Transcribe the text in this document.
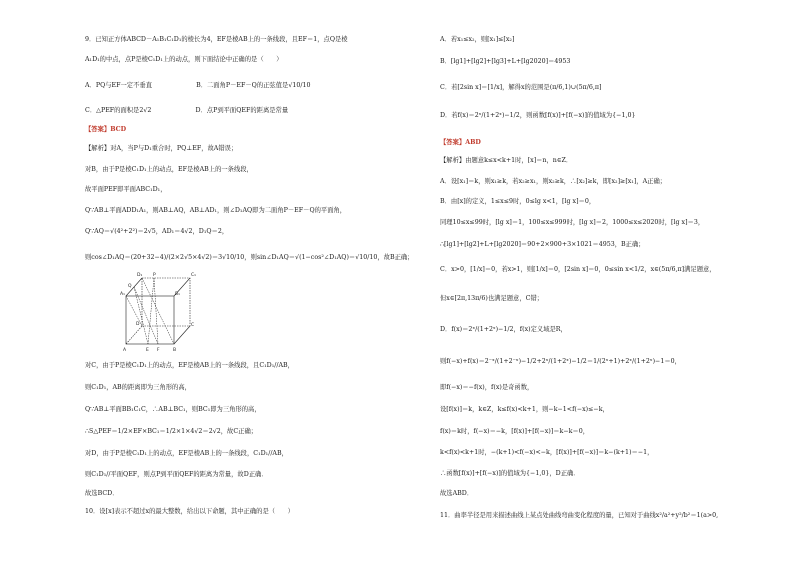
9．已知正方体ABCD－A₁B₁C₁D₁的棱长为4，EF是棱AB上的一条线段，且EF＝1，点Q是棱
A₁D₁的中点，点P是棱C₁D₁上的动点，则下面结论中正确的是（　　）
A．PQ与EF一定不垂直　　　　　　　B．二面角P－EF－Q的正弦值是√10/10
C．△PEF的面积是2√2　　　　　　　D．点P到平面QEF的距离是常量
【答案】BCD
【解析】对A，当P与D₁重合时，PQ⊥EF，故A错误；
对B，由于P是棱C₁D₁上的动点，EF是棱AB上的一条线段，
故平面PEF即平面ABC₁D₁，
Q∵AB⊥平面ADD₁A₁，则AB⊥AQ，AB⊥AD₁，则∠D₁AQ即为二面角P－EF－Q的平面角，
Q∵AQ＝√(4²+2²)＝2√5，AD₁＝4√2，D₁Q＝2，
则cos∠D₁AQ＝(20+32−4)/(2×2√5×4√2)＝3√10/10，则sin∠D₁AQ＝√(1−cos²∠D₁AQ)＝√10/10，故B正确；
对C，由于P是棱C₁D₁上的动点，EF是棱AB上的一条线段，且C₁D₁//AB，
则C₁D₁，AB的距离即为三角形的高，
Q∵AB⊥平面BB₁C₁C，∴AB⊥BC₁，则BC₁即为三角形的高，
∴S△PEF＝1/2×EF×BC₁＝1/2×1×4√2＝2√2，故C正确；
对D，由于P是棱C₁D₁上的动点，EF是棱AB上的一条线段，C₁D₁//AB，
则C₁D₁//平面QEF，则点P到平面QEF的距离为常量，故D正确．
故选BCD．
10．设[x]表示不超过x的最大整数，给出以下命题，其中正确的是（　　）
D₁	C₁
A₁	B₁
Q
P
D	C
A	E F	B
A．若x₁≤x₂，则[x₁]≤[x₂]
B．[lg1]+[lg2]+[lg3]+L+[lg2020]＝4953
C．若[2sin x]＝[1/x]，解得x的范围是(π/6,1)∪(5π/6,π]
D．若f(x)＝2ˣ/(1+2ˣ)−1/2，则函数[f(x)]+[f(−x)]的值域为{−1,0}
【答案】ABD
【解析】由题意k≤x<k+1时，[x]＝n，n∈Z．
A．设[x₁]＝k，则x₁≥k，若x₂≥x₁，则x₂≥k，∴[x₂]≥k，即[x₂]≥[x₁]，A正确；
B．由[x]的定义，1≤x≤9时，0≤lg x<1，[lg x]＝0，
同理10≤x≤99时，[lg x]＝1，100≤x≤999时，[lg x]＝2，1000≤x≤2020时，[lg x]＝3，
∴[lg1]+[lg2]+L+[lg2020]＝90+2×900+3×1021＝4953，B正确；
C．x>0，[1/x]＝0，若x>1，则[1/x]＝0，[2sin x]＝0，0≤sin x<1/2，x∈(5π/6,π]满足题意，
但x∈[2π,13π/6)也满足题意，C错；
D．f(x)＝2ˣ/(1+2ˣ)−1/2，f(x)定义域是R，
则f(−x)+f(x)＝2⁻ˣ/(1+2⁻ˣ)−1/2+2ˣ/(1+2ˣ)−1/2＝1/(2ˣ+1)+2ˣ/(1+2ˣ)−1＝0，
即f(−x)＝−f(x)，f(x)是奇函数，
设[f(x)]＝k，k∈Z，k≤f(x)<k+1，则−k−1<f(−x)≤−k，
f(x)＝k时，f(−x)＝−k，[f(x)]+[f(−x)]＝k−k＝0，
k<f(x)<k+1时，−(k+1)<f(−x)<−k，[f(x)]+[f(−x)]＝k−(k+1)＝−1，
∴函数[f(x)]+[f(−x)]的值域为{−1,0}，D正确．
故选ABD．
11．曲率半径是用来描述曲线上某点处曲线弯曲变化程度的量，已知对于曲线x²/a²+y²/b²＝1(a>0,
